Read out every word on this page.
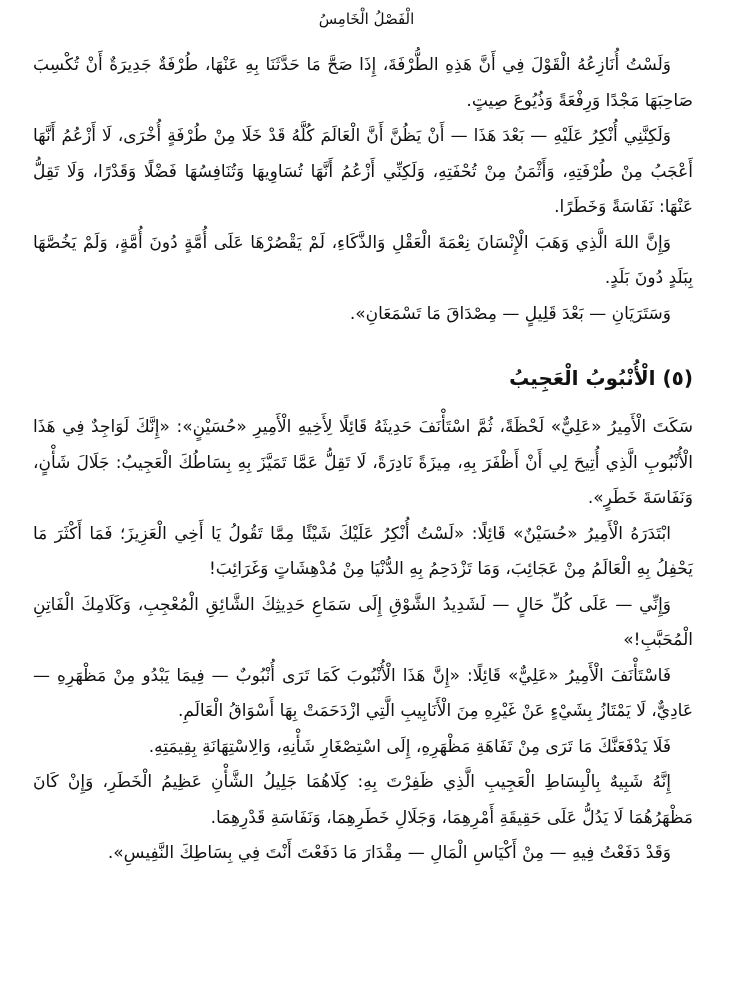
الْفَصْلُ الْخَامِسُ

وَلَسْتُ أُنَازِعُهُ الْقَوْلَ فِي أَنَّ هَذِهِ الطُّرْفَةَ، إِذَا صَحَّ مَا حَدَّثَنَا بِهِ عَنْهَا، طُرْفَةٌ جَدِيرَةٌ أَنْ تُكْسِبَ صَاحِبَهَا مَجْدًا وَرِفْعَةً وَذُيُوعَ صِيتٍ.

وَلَكِنَّنِي أُنْكِرُ عَلَيْهِ — بَعْدَ هَذَا — أَنْ يَظُنَّ أَنَّ الْعَالَمَ كُلَّهُ قَدْ خَلَا مِنْ طُرْفَةٍ أُخْرَى، لَا أَزْعُمُ أَنَّهَا أَعْجَبُ مِنْ طُرْفَتِهِ، وَأَثْمَنُ مِنْ تُحْفَتِهِ، وَلَكِنِّي أَزْعُمُ أَنَّهَا تُسَاوِيهَا وَتُنَافِسُهَا فَضْلًا وَقَدْرًا، وَلَا تَقِلُّ عَنْهَا: نَفَاسَةً وَخَطَرًا.

وَإِنَّ اللهَ الَّذِي وَهَبَ الْإِنْسَانَ نِعْمَةَ الْعَقْلِ وَالذَّكَاءِ، لَمْ يَقْصُرْهَا عَلَى أُمَّةٍ دُونَ أُمَّةٍ، وَلَمْ يَخُصَّهَا بِبَلَدٍ دُونَ بَلَدٍ.

وَسَتَرَيَانِ — بَعْدَ قَلِيلٍ — مِصْدَاقَ مَا تَسْمَعَانِ».

(٥) الْأُنْبُوبُ الْعَجِيبُ

سَكَتَ الْأَمِيرُ «عَلِيٌّ» لَحْظَةً، ثُمَّ اسْتَأْنَفَ حَدِيثَهُ قَائِلًا لِأَخِيهِ الْأَمِيرِ «حُسَيْنٍ»: «إِنَّكَ لَوَاجِدٌ فِي هَذَا الْأُنْبُوبِ الَّذِي أُتِيحَ لِي أَنْ أَظْفَرَ بِهِ، مِيزَةً نَادِرَةً، لَا تَقِلُّ عَمَّا تَمَيَّزَ بِهِ بِسَاطُكَ الْعَجِيبُ: جَلَالَ شَأْنٍ، وَنَفَاسَةَ خَطَرٍ».

ابْتَدَرَهُ الْأَمِيرُ «حُسَيْنٌ» قَائِلًا: «لَسْتُ أُنْكِرُ عَلَيْكَ شَيْئًا مِمَّا تَقُولُ يَا أَخِي الْعَزِيزَ؛ فَمَا أَكْثَرَ مَا يَحْفِلُ بِهِ الْعَالَمُ مِنْ عَجَائِبَ، وَمَا تَزْدَحِمُ بِهِ الدُّنْيَا مِنْ مُدْهِشَاتٍ وَغَرَائِبَ!

وَإِنِّي — عَلَى كُلِّ حَالٍ — لَشَدِيدُ الشَّوْقِ إِلَى سَمَاعِ حَدِيثِكَ الشَّائِقِ الْمُعْجِبِ، وَكَلَامِكَ الْفَاتِنِ الْمُحَبَّبِ!»

فَاسْتَأْنَفَ الْأَمِيرُ «عَلِيٌّ» قَائِلًا: «إِنَّ هَذَا الْأُنْبُوبَ كَمَا تَرَى أُنْبُوبٌ — فِيمَا يَبْدُو مِنْ مَظْهَرِهِ — عَادِيٌّ، لَا يَمْتَازُ بِشَيْءٍ عَنْ غَيْرِهِ مِنَ الْأَنَابِيبِ الَّتِي ازْدَحَمَتْ بِهَا أَسْوَاقُ الْعَالَمِ.

فَلَا يَدْفَعَنَّكَ مَا تَرَى مِنْ تَفَاهَةِ مَظْهَرِهِ، إِلَى اسْتِصْغَارِ شَأْنِهِ، وَالِاسْتِهَانَةِ بِقِيمَتِهِ.

إِنَّهُ شَبِيهٌ بِالْبِسَاطِ الْعَجِيبِ الَّذِي ظَفِرْتَ بِهِ: كِلَاهُمَا جَلِيلُ الشَّأْنِ عَظِيمُ الْخَطَرِ، وَإِنْ كَانَ مَظْهَرُهُمَا لَا يَدُلُّ عَلَى حَقِيقَةِ أَمْرِهِمَا، وَجَلَالِ خَطَرِهِمَا، وَنَفَاسَةِ قَدْرِهِمَا.

وَقَدْ دَفَعْتُ فِيهِ — مِنْ أَكْيَاسِ الْمَالِ — مِقْدَارَ مَا دَفَعْتَ أَنْتَ فِي بِسَاطِكَ النَّفِيسِ».
